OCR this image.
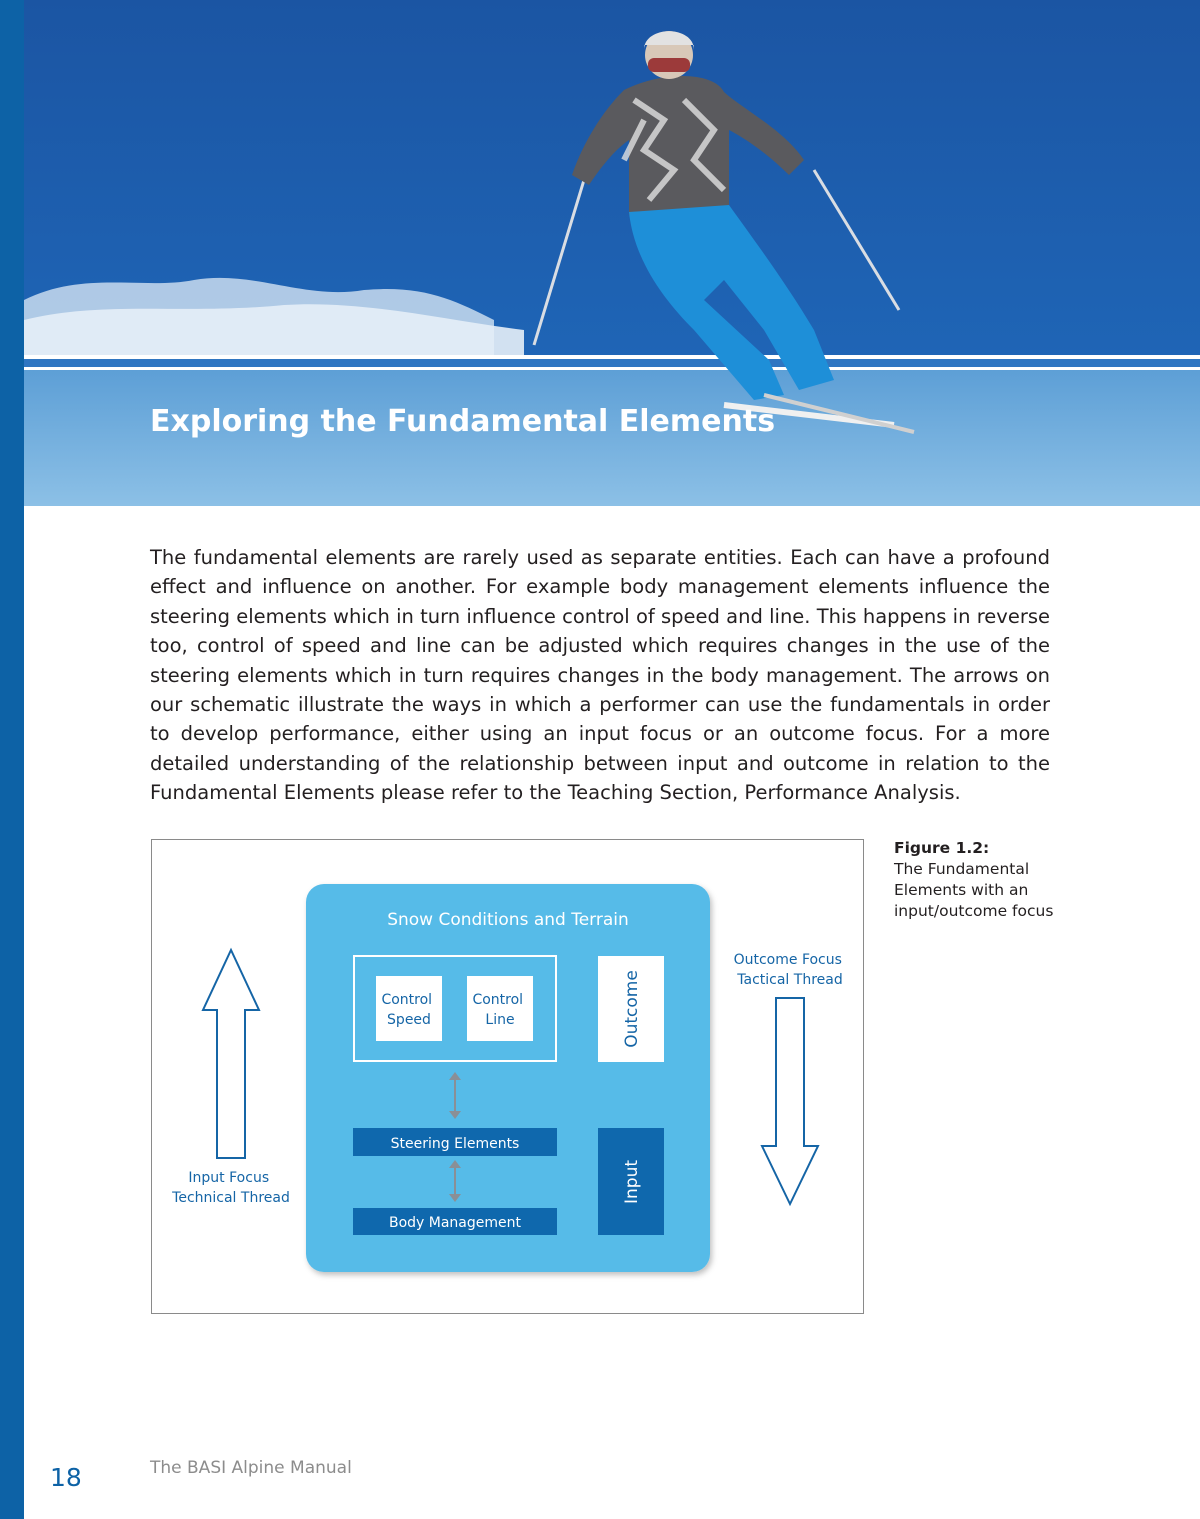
Exploring the Fundamental Elements

The fundamental elements are rarely used as separate entities. Each can have a profound effect and influence on another. For example body management elements influence the steering elements which in turn influence control of speed and line. This happens in reverse too, control of speed and line can be adjusted which requires changes in the use of the steering elements which in turn requires changes in the body management. The arrows on our schematic illustrate the ways in which a performer can use the fundamentals in order to develop performance, either using an input focus or an outcome focus. For a more detailed understanding of the relationship between input and outcome in relation to the Fundamental Elements please refer to the Teaching Section, Performance Analysis.

Snow Conditions and Terrain
Control Speed
Control Line	Outcome
Steering Elements
Body Management
Input
Input Focus Technical Thread
Outcome Focus Tactical Thread
Figure 1.2:
The Fundamental Elements with an input/outcome focus
18	The BASI Alpine Manual
